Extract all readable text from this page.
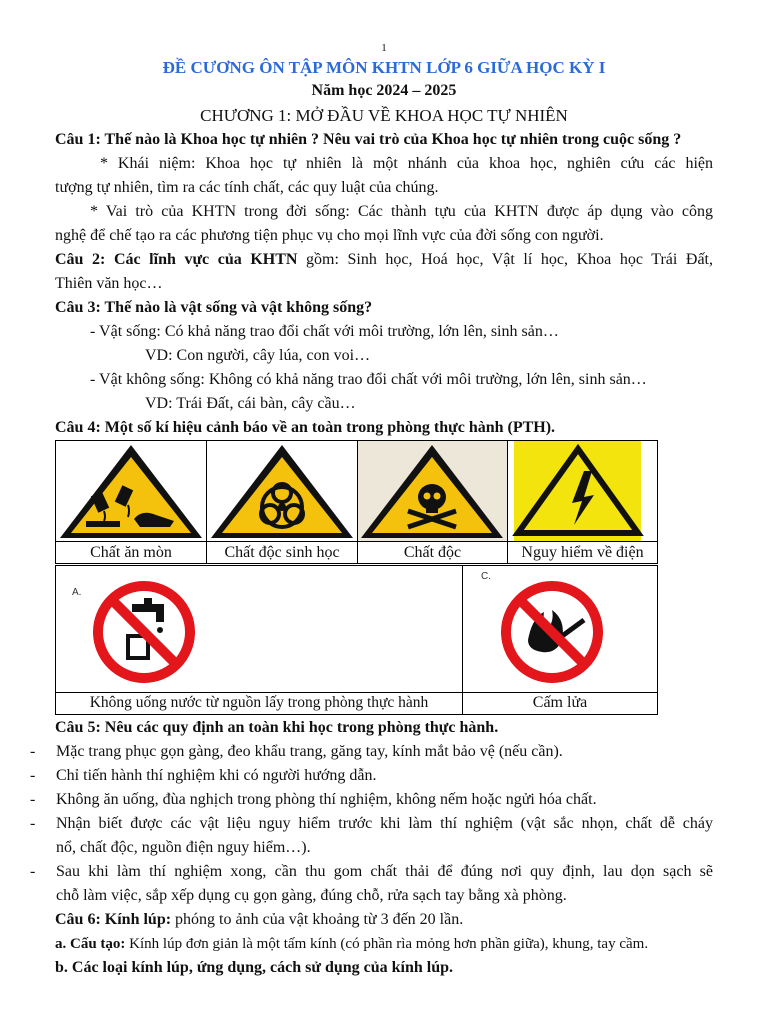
1
ĐỀ CƯƠNG ÔN TẬP MÔN KHTN LỚP 6 GIỮA HỌC KỲ I
Năm học 2024 – 2025
CHƯƠNG 1: MỞ ĐẦU VỀ KHOA HỌC TỰ NHIÊN
Câu 1: Thế nào là Khoa học tự nhiên ? Nêu vai trò của Khoa học tự nhiên trong cuộc sống ?
* Khái niệm: Khoa học tự nhiên là một nhánh của khoa học, nghiên cứu các hiện
tượng tự nhiên, tìm ra các tính chất, các quy luật của chúng.
* Vai trò của KHTN trong đời sống: Các thành tựu của KHTN được áp dụng vào công
nghệ để chế tạo ra các phương tiện phục vụ cho mọi lĩnh vực của đời sống con người.
Câu 2: Các lĩnh vực của KHTN gồm: Sinh học, Hoá học, Vật lí học, Khoa học Trái Đất,
Thiên văn học…
Câu 3: Thế nào là vật sống và vật không sống?
- Vật sống: Có khả năng trao đổi chất với môi trường, lớn lên, sinh sản…
VD: Con người, cây lúa, con voi…
- Vật không sống: Không có khả năng trao đổi chất với môi trường, lớn lên, sinh sản…
VD: Trái Đất, cái bàn, cây cầu…
Câu 4: Một số kí hiệu cảnh báo về an toàn trong phòng thực hành (PTH).
Chất ăn mòn	Chất độc sinh học	Chất độc	Nguy hiểm về điện
A.
C.
Không uống nước từ nguồn lấy trong phòng thực hành	Cấm lửa
Câu 5: Nêu các quy định an toàn khi học trong phòng thực hành.
- Mặc trang phục gọn gàng, đeo khẩu trang, găng tay, kính mắt bảo vệ (nếu cần).
- Chỉ tiến hành thí nghiệm khi có người hướng dẫn.
- Không ăn uống, đùa nghịch trong phòng thí nghiệm, không nếm hoặc ngửi hóa chất.
- Nhận biết được các vật liệu nguy hiểm trước khi làm thí nghiệm (vật sắc nhọn, chất dễ cháy
nổ, chất độc, nguồn điện nguy hiểm…).
- Sau khi làm thí nghiệm xong, cần thu gom chất thải để đúng nơi quy định, lau dọn sạch sẽ
chỗ làm việc, sắp xếp dụng cụ gọn gàng, đúng chỗ, rửa sạch tay bằng xà phòng.
Câu 6: Kính lúp: phóng to ảnh của vật khoảng từ 3 đến 20 lần.
a. Cấu tạo: Kính lúp đơn giản là một tấm kính (có phần rìa mỏng hơn phần giữa), khung, tay cầm.
b. Các loại kính lúp, ứng dụng, cách sử dụng của kính lúp.
